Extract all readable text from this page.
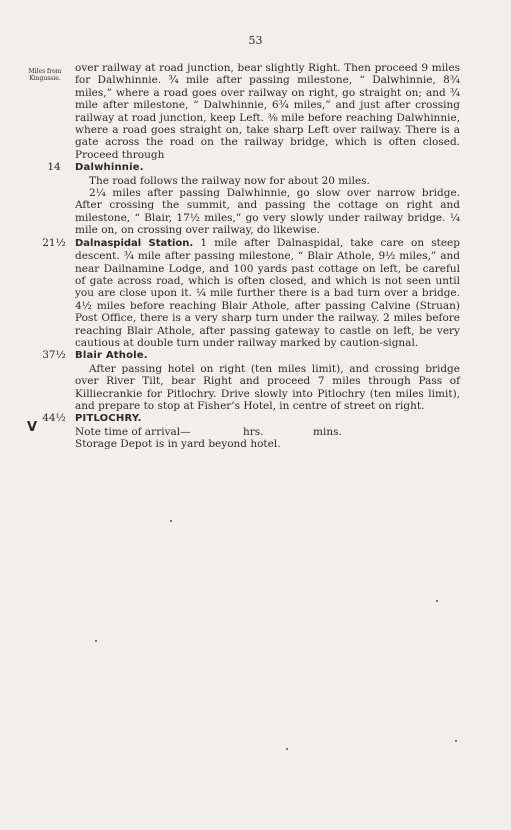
53
Miles from Kingussie.
V

over railway at road junction, bear slightly Right. Then proceed 9 miles for Dalwhinnie. ¾ mile after passing milestone, “ Dalwhinnie, 8¾ miles,” where a road goes over railway on right, go straight on; and ¾ mile after milestone, “ Dalwhinnie, 6¾ miles,” and just after crossing railway at road junction, keep Left. ⅜ mile before reaching Dalwhinnie, where a road goes straight on, take sharp Left over railway. There is a gate across the road on the railway bridge, which is often closed. Proceed through

14	Dalwhinnie.

The road follows the railway now for about 20 miles.

2¼ miles after passing Dalwhinnie, go slow over narrow bridge. After crossing the summit, and passing the cottage on right and milestone, “ Blair, 17½ miles,” go very slowly under railway bridge. ¼ mile on, on crossing over railway, do likewise.

21½ Dalnaspidal Station. 1 mile after Dalnaspidal, take care on steep descent. ¾ mile after passing milestone, “ Blair Athole, 9½ miles,” and near Dailnamine Lodge, and 100 yards past cottage on left, be careful of gate across road, which is often closed, and which is not seen until you are close upon it. ¼ mile further there is a bad turn over a bridge. 4½ miles before reaching Blair Athole, after passing Calvine (Struan) Post Office, there is a very sharp turn under the railway. 2 miles before reaching Blair Athole, after passing gateway to castle on left, be very cautious at double turn under railway marked by caution-signal.

37½ Blair Athole.

After passing hotel on right (ten miles limit), and crossing bridge over River Tilt, bear Right and proceed 7 miles through Pass of Killiecrankie for Pitlochry. Drive slowly into Pitlochry (ten miles limit), and prepare to stop at Fisher’s Hotel, in centre of street on right.

44½ PITLOCHRY.
Note time of arrival—	hrs.	mins.

Storage Depot is in yard beyond hotel.
